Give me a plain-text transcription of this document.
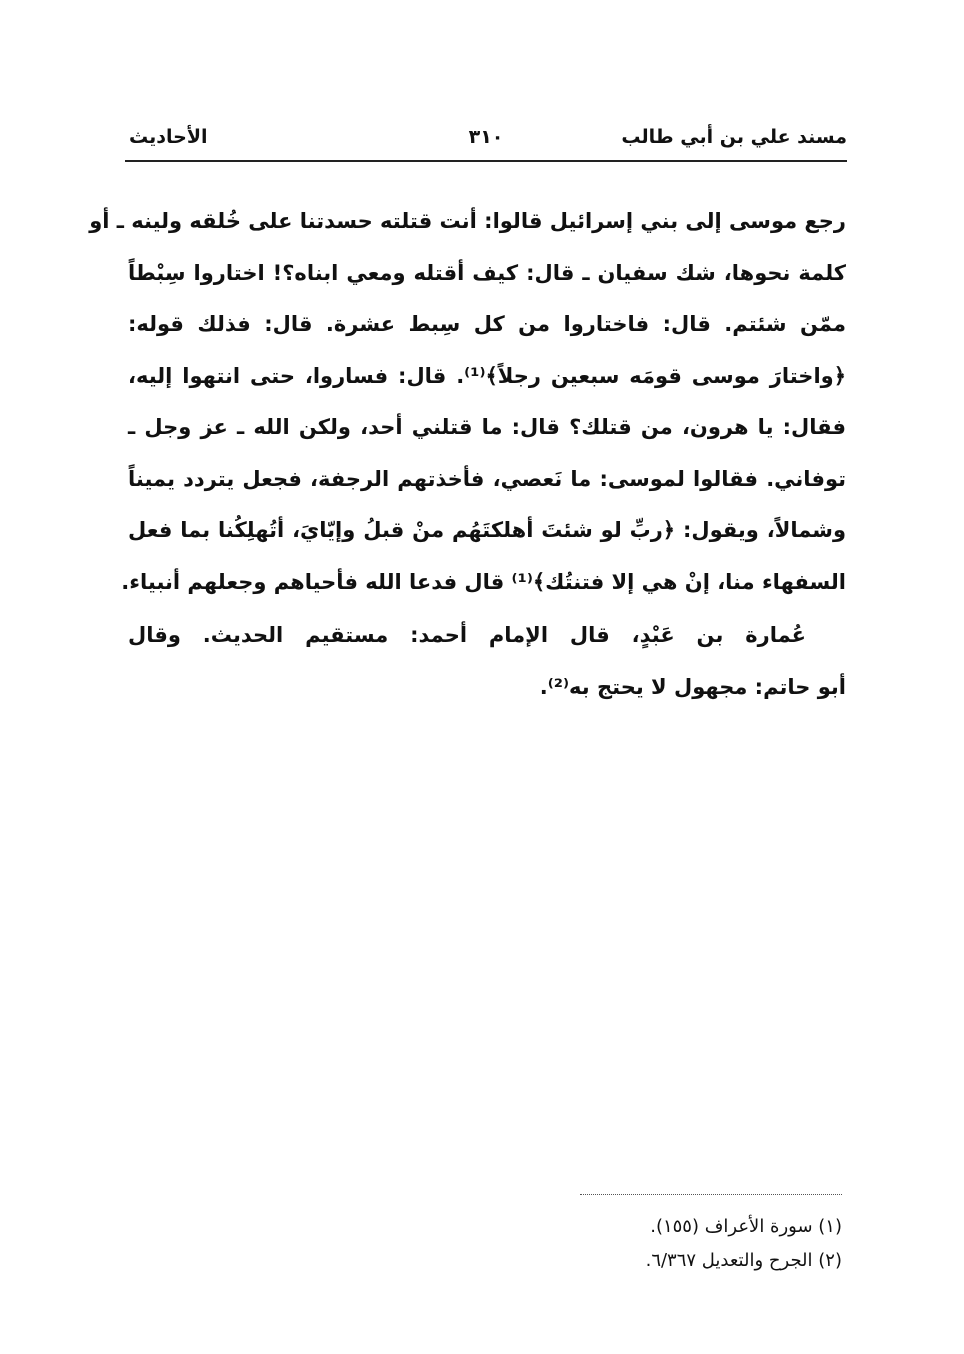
مسند علي بن أبي طالب
٣١٠
الأحاديث
رجع موسى إلى بني إسرائيل قالوا: أنت قتلته حسدتنا على خُلقه ولينه ـ أو
كلمة نحوها، شك سفيان ـ قال: كيف أقتله ومعي ابناه؟! اختاروا سِبْطاً
ممّن شئتم. قال: فاختاروا من كل سِبط عشرة. قال: فذلك قوله:
﴿واختارَ موسى قومَه سبعين رجلاً﴾⁽¹⁾. قال: فساروا، حتى انتهوا إليه،
فقال: يا هرون، من قتلك؟ قال: ما قتلني أحد، ولكن الله ـ عز وجل ـ
توفاني. فقالوا لموسى: ما نَعصي، فأخذتهم الرجفة، فجعل يتردد يميناً
وشمالاً، ويقول: ﴿ربِّ لو شئتَ أهلكتَهُم منْ قبلُ وإيّايَ، أتُهلِكُنا بما فعل
السفهاء منا، إنْ هي إلا فتنتُك﴾⁽¹⁾ قال فدعا الله فأحياهم وجعلهم أنبياء.
عُمارة بن عَبْدٍ، قال الإمام أحمد: مستقيم الحديث. وقال
أبو حاتم: مجهول لا يحتج به⁽²⁾.
(١) سورة الأعراف (١٥٥).
(٢) الجرح والتعديل ٦/٣٦٧.
